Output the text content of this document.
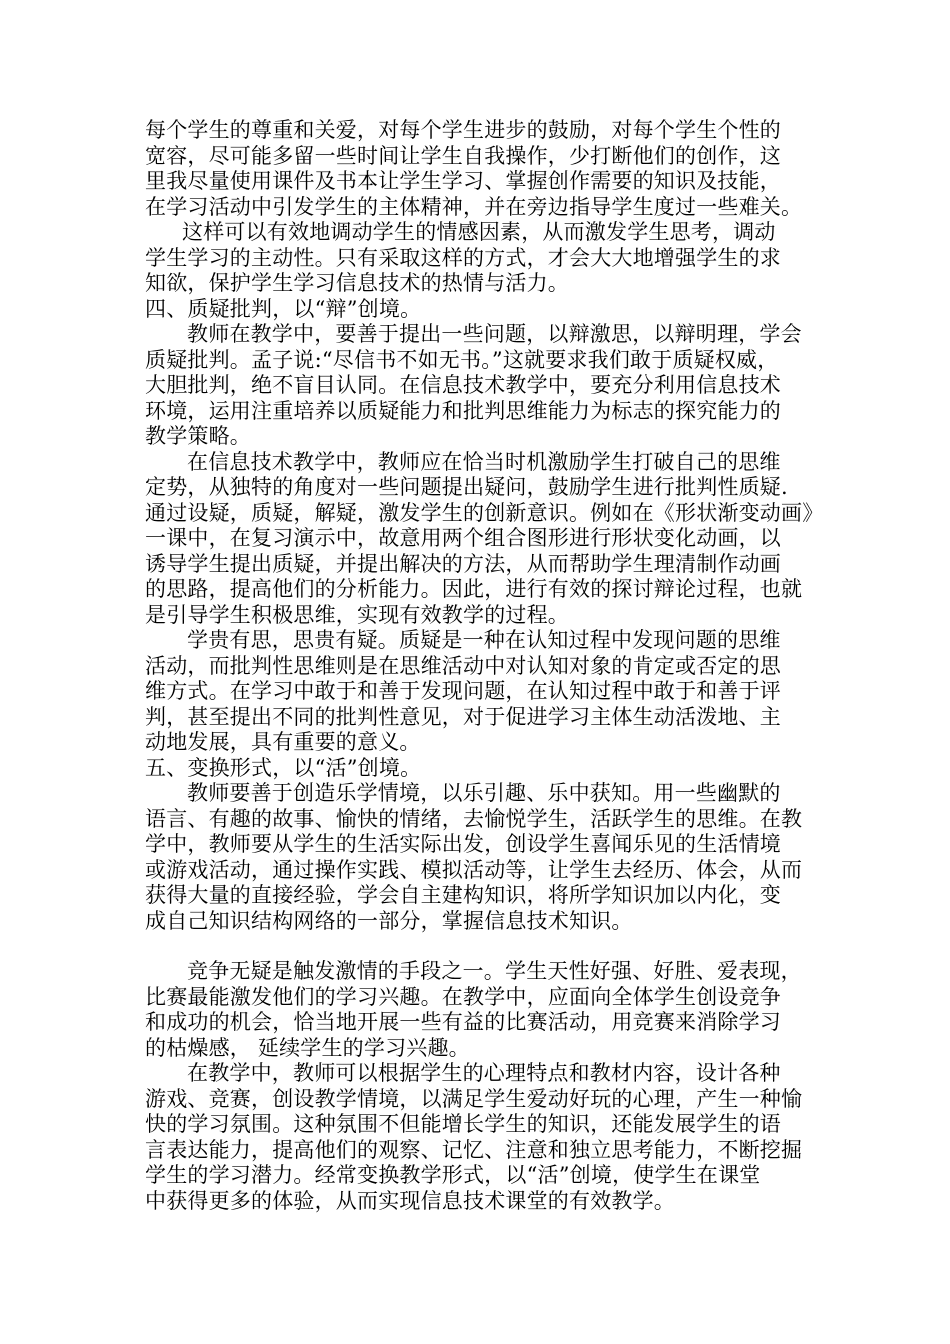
每个学生的尊重和关爱，对每个学生进步的鼓励，对每个学生个性的
宽容，尽可能多留一些时间让学生自我操作，少打断他们的创作，这
里我尽量使用课件及书本让学生学习、掌握创作需要的知识及技能，
在学习活动中引发学生的主体精神，并在旁边指导学生度过一些难关。
这样可以有效地调动学生的情感因素，从而激发学生思考，调动
学生学习的主动性。只有采取这样的方式，才会大大地增强学生的求
知欲，保护学生学习信息技术的热情与活力。
四、质疑批判，以“辩”创境。
教师在教学中，要善于提出一些问题，以辩激思，以辩明理，学会
质疑批判。孟子说:“尽信书不如无书。”这就要求我们敢于质疑权威，
大胆批判，绝不盲目认同。在信息技术教学中，要充分利用信息技术
环境，运用注重培养以质疑能力和批判思维能力为标志的探究能力的
教学策略。
在信息技术教学中，教师应在恰当时机激励学生打破自己的思维
定势，从独特的角度对一些问题提出疑问，鼓励学生进行批判性质疑.
通过设疑，质疑，解疑，激发学生的创新意识。例如在《形状渐变动画》
一课中，在复习演示中，故意用两个组合图形进行形状变化动画，以
诱导学生提出质疑，并提出解决的方法，从而帮助学生理清制作动画
的思路，提高他们的分析能力。因此，进行有效的探讨辩论过程，也就
是引导学生积极思维，实现有效教学的过程。
学贵有思，思贵有疑。质疑是一种在认知过程中发现问题的思维
活动，而批判性思维则是在思维活动中对认知对象的肯定或否定的思
维方式。在学习中敢于和善于发现问题，在认知过程中敢于和善于评
判，甚至提出不同的批判性意见，对于促进学习主体生动活泼地、主
动地发展，具有重要的意义。
五、变换形式，以“活”创境。
教师要善于创造乐学情境，以乐引趣、乐中获知。用一些幽默的
语言、有趣的故事、愉快的情绪，去愉悦学生，活跃学生的思维。在教
学中，教师要从学生的生活实际出发，创设学生喜闻乐见的生活情境
或游戏活动，通过操作实践、模拟活动等，让学生去经历、体会，从而
获得大量的直接经验，学会自主建构知识，将所学知识加以内化，变
成自己知识结构网络的一部分，掌握信息技术知识。
竞争无疑是触发激情的手段之一。学生天性好强、好胜、爱表现，
比赛最能激发他们的学习兴趣。在教学中，应面向全体学生创设竞争
和成功的机会，恰当地开展一些有益的比赛活动，用竞赛来消除学习
的枯燥感， 延续学生的学习兴趣。
在教学中，教师可以根据学生的心理特点和教材内容，设计各种
游戏、竞赛，创设教学情境，以满足学生爱动好玩的心理，产生一种愉
快的学习氛围。这种氛围不但能增长学生的知识，还能发展学生的语
言表达能力，提高他们的观察、记忆、注意和独立思考能力，不断挖掘
学生的学习潜力。经常变换教学形式，以“活”创境，使学生在课堂
中获得更多的体验，从而实现信息技术课堂的有效教学。
